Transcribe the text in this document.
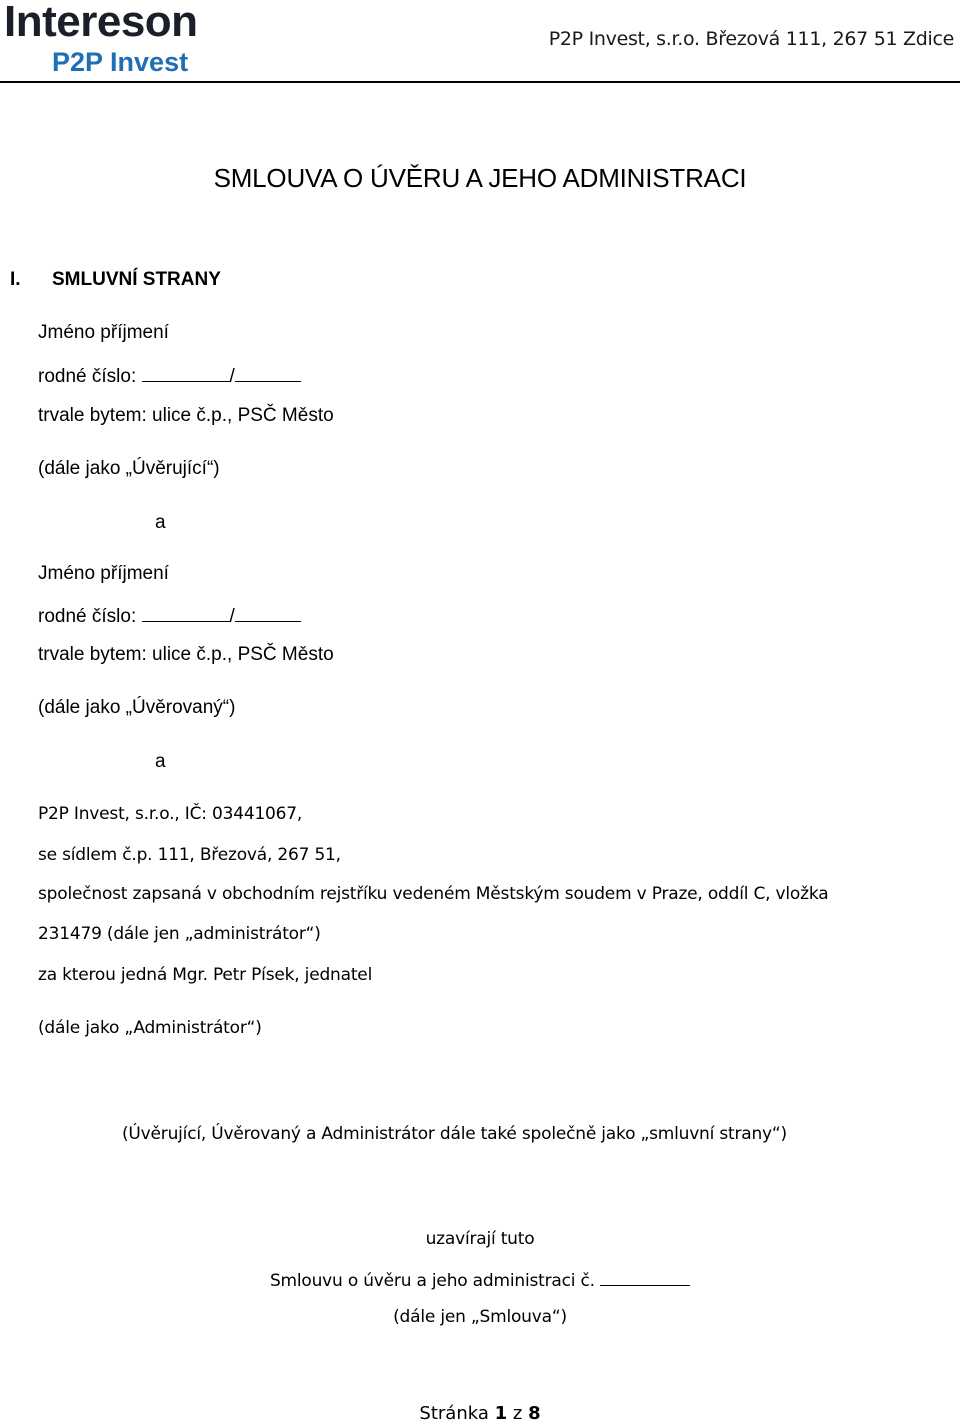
Intereson
P2P Invest
P2P Invest, s.r.o. Březová 111, 267 51 Zdice
SMLOUVA O ÚVĚRU A JEHO ADMINISTRACI
I. SMLUVNÍ STRANY
Jméno příjmení
rodné číslo:	/
trvale bytem: ulice č.p., PSČ Město
(dále jako „Úvěrující“)
a
Jméno příjmení
rodné číslo:	/
trvale bytem: ulice č.p., PSČ Město
(dále jako „Úvěrovaný“)
a
P2P Invest, s.r.o., IČ: 03441067,
se sídlem č.p. 111, Březová, 267 51,
společnost zapsaná v obchodním rejstříku vedeném Městským soudem v Praze, oddíl C, vložka
231479 (dále jen „administrátor“)
za kterou jedná Mgr. Petr Písek, jednatel
(dále jako „Administrátor“)
(Úvěrující, Úvěrovaný a Administrátor dále také společně jako „smluvní strany“)
uzavírají tuto
Smlouvu o úvěru a jeho administraci č.
(dále jen „Smlouva“)
Stránka 1 z 8
